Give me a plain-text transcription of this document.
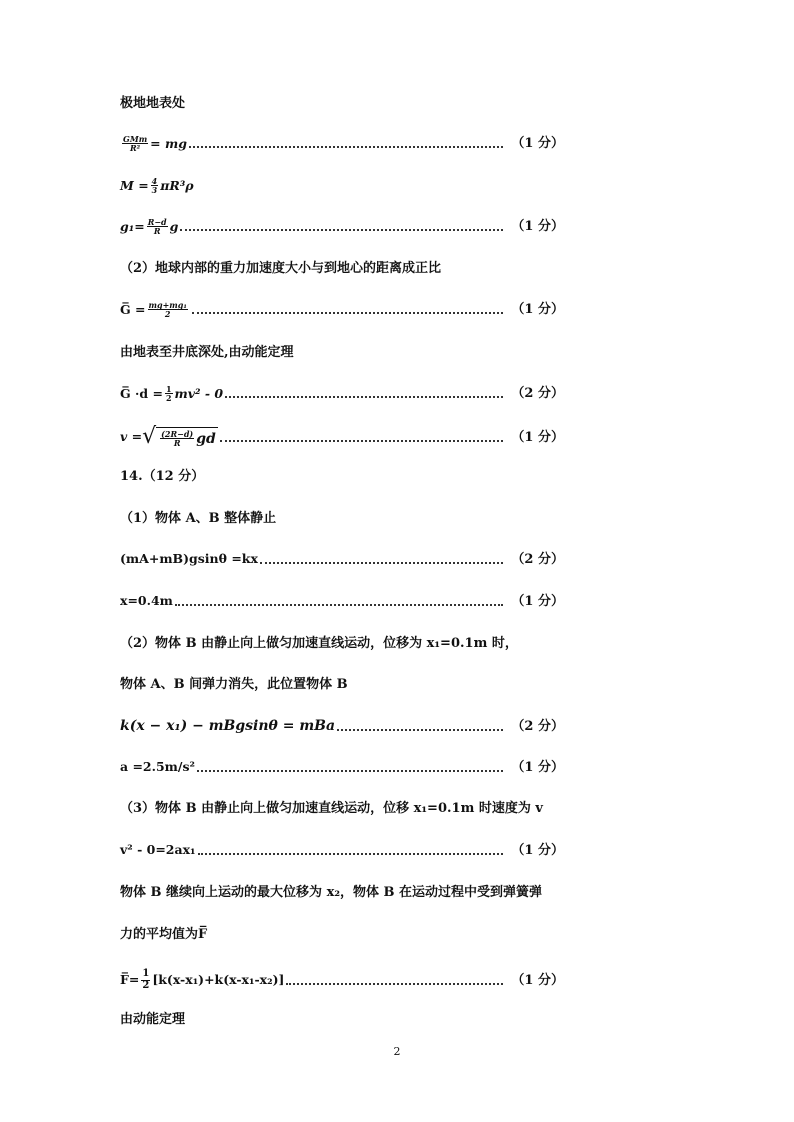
极地地表处
$\frac{\text{GMm}}{\text{R²}}$ = mg	（1 分）
$M = \frac{4}{3} \pi R^3\rho$
$g_1= \frac{R-d}{R}$ g	（1 分）
（2）地球内部的重力加速度大小与到地心的距离成正比
G̅ = $\frac{\text{mg+mg₁}}{2}$	（1 分）
由地表至井底深处,由动能定理
G̅ $\cdot d = \frac{1}{2} mv^2 - 0$	（2 分）
v = √ $\frac{(2R-d)}{R}$ gd	（1 分）
14.（12 分）
（1）物体 A、B 整体静止
(mA+mB)gsinθ =kx	（2 分）
x=0.4m	（1 分）
（2）物体 B 由静止向上做匀加速直线运动，位移为 x₁=0.1m 时，
物体 A、B 间弹力消失，此位置物体 B
k(x − x₁) − mBgsinθ = mBa	（2 分）
a =2.5m/s²	（1 分）
（3）物体 B 由静止向上做匀加速直线运动，位移 x₁=0.1m 时速度为 v
v² - 0=2ax₁	（1 分）
物体 B 继续向上运动的最大位移为 x₂，物体 B 在运动过程中受到弹簧弹
力的平均值为F̅
F̅= $\frac{1}{2} [k(x-x_1)+k(x-x_1-x_2)]$	（1 分）
由动能定理
2
